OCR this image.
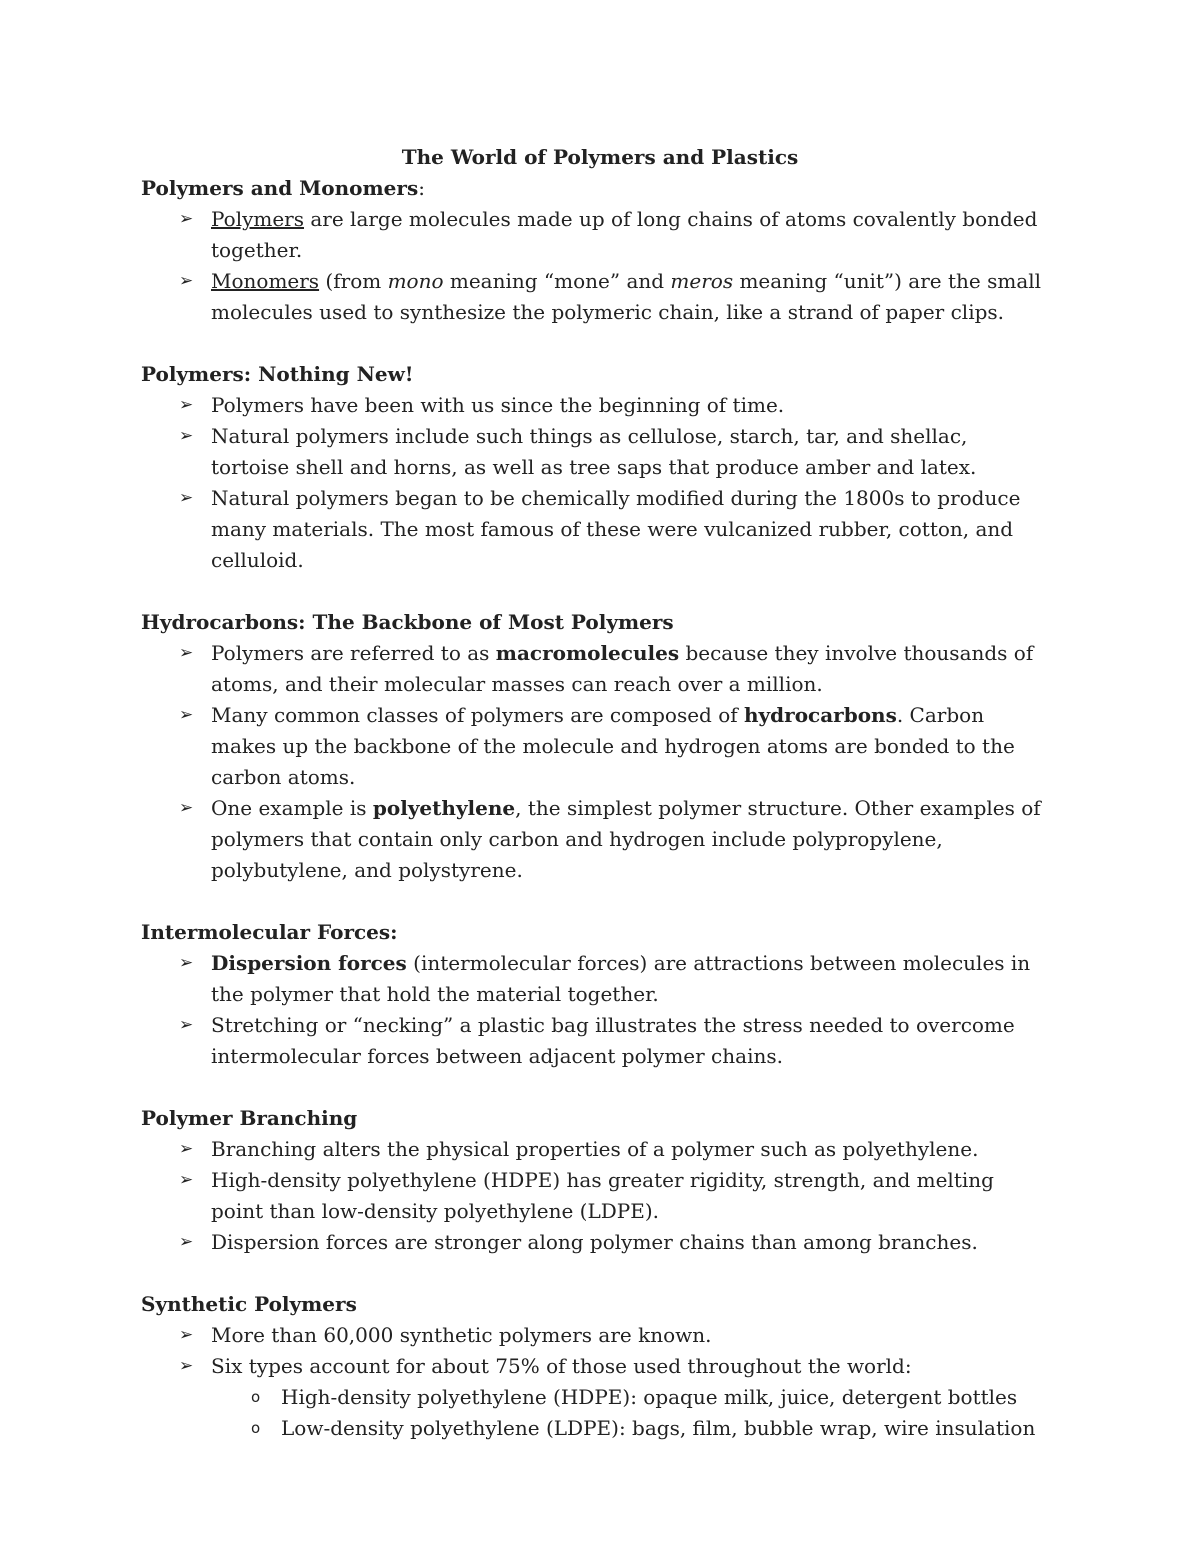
The World of Polymers and Plastics
Polymers and Monomers:
➢ Polymers are large molecules made up of long chains of atoms covalently bonded together.
➢ Monomers (from mono meaning “mone” and meros meaning “unit”) are the small molecules used to synthesize the polymeric chain, like a strand of paper clips.
Polymers: Nothing New!
➢ Polymers have been with us since the beginning of time.
➢ Natural polymers include such things as cellulose, starch, tar, and shellac, tortoise shell and horns, as well as tree saps that produce amber and latex.
➢ Natural polymers began to be chemically modified during the 1800s to produce many materials. The most famous of these were vulcanized rubber, cotton, and celluloid.
Hydrocarbons: The Backbone of Most Polymers
➢ Polymers are referred to as macromolecules because they involve thousands of atoms, and their molecular masses can reach over a million.
➢ Many common classes of polymers are composed of hydrocarbons. Carbon makes up the backbone of the molecule and hydrogen atoms are bonded to the carbon atoms.
➢ One example is polyethylene, the simplest polymer structure. Other examples of polymers that contain only carbon and hydrogen include polypropylene, polybutylene, and polystyrene.
Intermolecular Forces:
➢ Dispersion forces (intermolecular forces) are attractions between molecules in the polymer that hold the material together.
➢ Stretching or “necking” a plastic bag illustrates the stress needed to overcome intermolecular forces between adjacent polymer chains.
Polymer Branching
➢ Branching alters the physical properties of a polymer such as polyethylene.
➢ High-density polyethylene (HDPE) has greater rigidity, strength, and melting point than low-density polyethylene (LDPE).
➢ Dispersion forces are stronger along polymer chains than among branches.
Synthetic Polymers
➢ More than 60,000 synthetic polymers are known.
➢ Six types account for about 75% of those used throughout the world:
o	High-density polyethylene (HDPE): opaque milk, juice, detergent bottles
o	Low-density polyethylene (LDPE): bags, film, bubble wrap, wire insulation
